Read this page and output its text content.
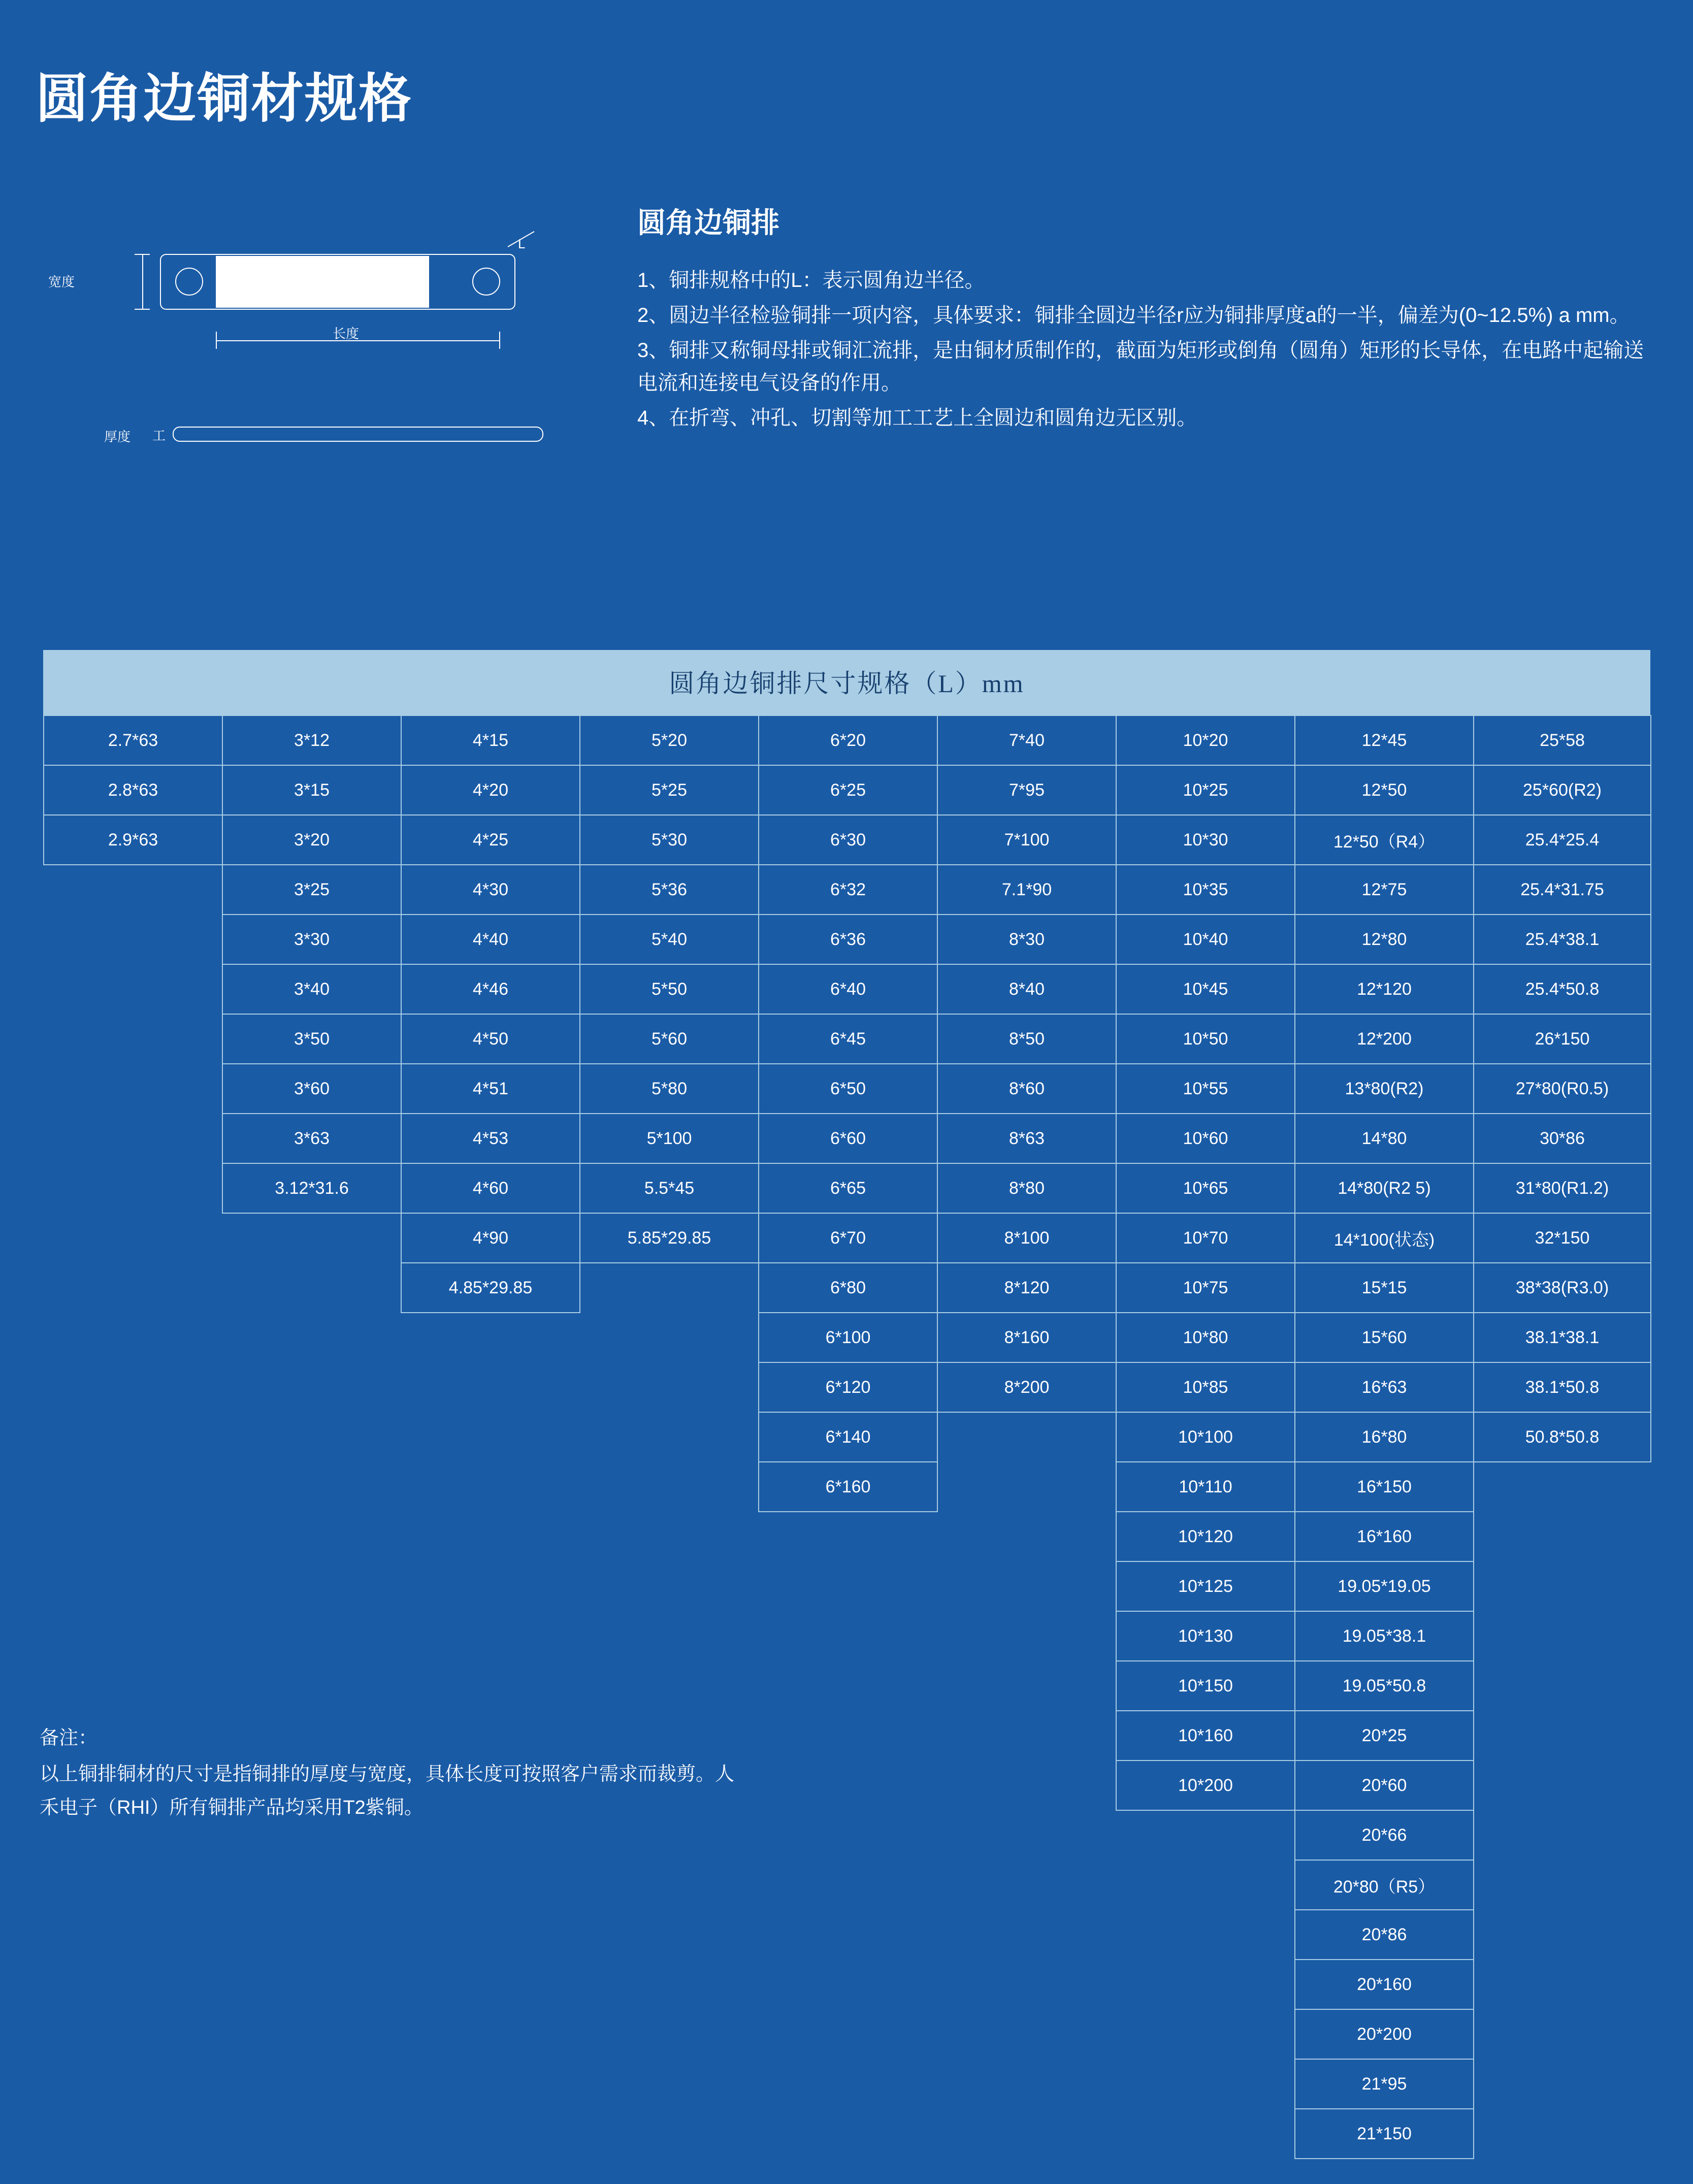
圆角边铜材规格
宽度
L
长度
厚度 工
圆角边铜排

1、铜排规格中的L：表示圆角边半径。

2、圆边半径检验铜排一项内容，具体要求：铜排全圆边半径r应为铜排厚度a的一半，偏差为(0~12.5%) a mm。

3、铜排又称铜母排或铜汇流排，是由铜材质制作的，截面为矩形或倒角（圆角）矩形的长导体，在电路中起输送电流和连接电气设备的作用。

4、在折弯、冲孔、切割等加工工艺上全圆边和圆角边无区别。

圆角边铜排尺寸规格（L）mm
2.7*63	3*12	4*15	5*20	6*20	7*40	10*20	12*45	25*58
2.8*63	3*15	4*20	5*25	6*25	7*95	10*25	12*50	25*60(R2)
2.9*63	3*20	4*25	5*30	6*30	7*100	10*30	12*50（R4）	25.4*25.4
	3*25	4*30	5*36	6*32	7.1*90	10*35	12*75	25.4*31.75
	3*30	4*40	5*40	6*36	8*30	10*40	12*80	25.4*38.1
	3*40	4*46	5*50	6*40	8*40	10*45	12*120	25.4*50.8
	3*50	4*50	5*60	6*45	8*50	10*50	12*200	26*150
	3*60	4*51	5*80	6*50	8*60	10*55	13*80(R2)	27*80(R0.5)
	3*63	4*53	5*100	6*60	8*63	10*60	14*80	30*86
	3.12*31.6	4*60	5.5*45	6*65	8*80	10*65	14*80(R2 5)	31*80(R1.2)
		4*90	5.85*29.85	6*70	8*100	10*70	14*100(状态)	32*150
		4.85*29.85		6*80	8*120	10*75	15*15	38*38(R3.0)
				6*100	8*160	10*80	15*60	38.1*38.1
				6*120	8*200	10*85	16*63	38.1*50.8
				6*140		10*100	16*80	50.8*50.8
				6*160		10*110	16*150	
						10*120	16*160	
						10*125	19.05*19.05	
						10*130	19.05*38.1	
						10*150	19.05*50.8	
						10*160	20*25	
						10*200	20*60	
							20*66	
							20*80（R5）	
							20*86	
							20*160	
							20*200	
							21*95	
							21*150	
备注：
以上铜排铜材的尺寸是指铜排的厚度与宽度，具体长度可按照客户需求而裁剪。人禾电子（RHI）所有铜排产品均采用T2紫铜。
